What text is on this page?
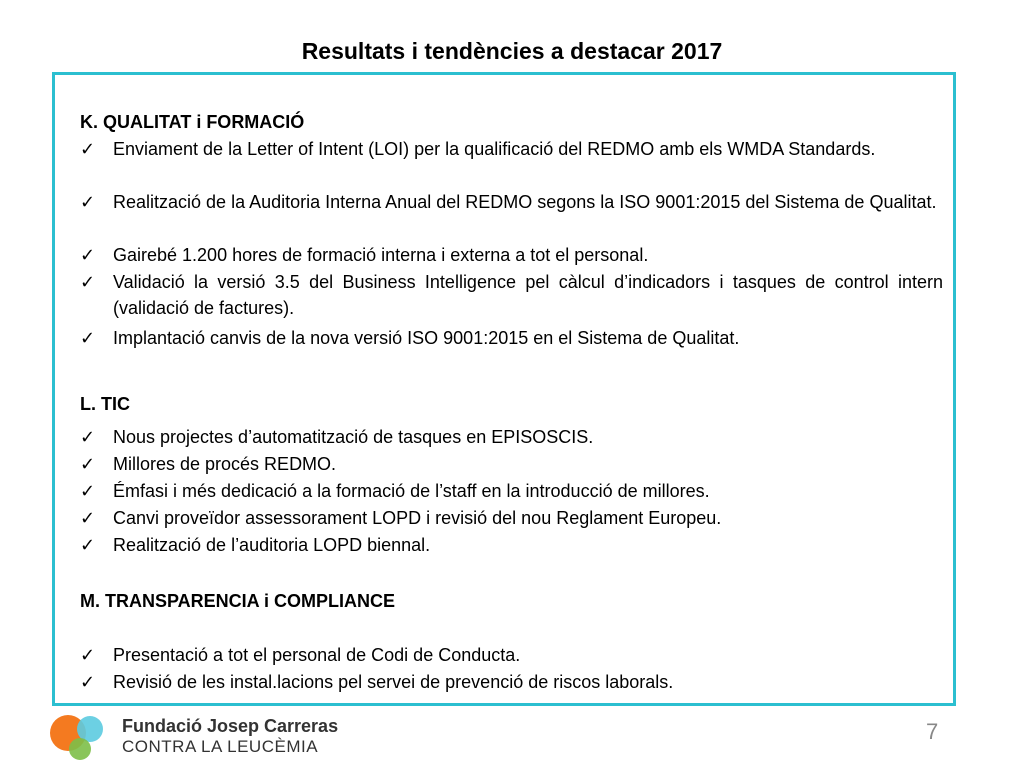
Resultats i tendències a destacar 2017
K. QUALITAT i FORMACIÓ
✓ Enviament de la Letter of Intent (LOI) per la qualificació del REDMO amb els WMDA Standards.
✓ Realització de la Auditoria Interna Anual del REDMO segons la ISO 9001:2015 del Sistema de Qualitat.
✓ Gairebé 1.200 hores de formació interna i externa a tot el personal.
✓ Validació la versió 3.5 del Business Intelligence pel càlcul d’indicadors i tasques de control intern (validació de factures).
✓ Implantació canvis de la nova versió ISO 9001:2015 en el Sistema de Qualitat.
L. TIC
✓ Nous projectes d’automatització de tasques en EPISOSCIS.
✓ Millores de procés REDMO.
✓ Émfasi i més dedicació a la formació de l’staff en la introducció de millores.
✓ Canvi proveïdor assessorament LOPD i revisió del nou Reglament Europeu.
✓ Realització de l’auditoria LOPD biennal.
M. TRANSPARENCIA i COMPLIANCE
✓ Presentació a tot el personal de Codi de Conducta.
✓ Revisió de les instal.lacions pel servei de prevenció de riscos laborals.
Fundació Josep Carreras
CONTRA LA LEUCÈMIA
7
